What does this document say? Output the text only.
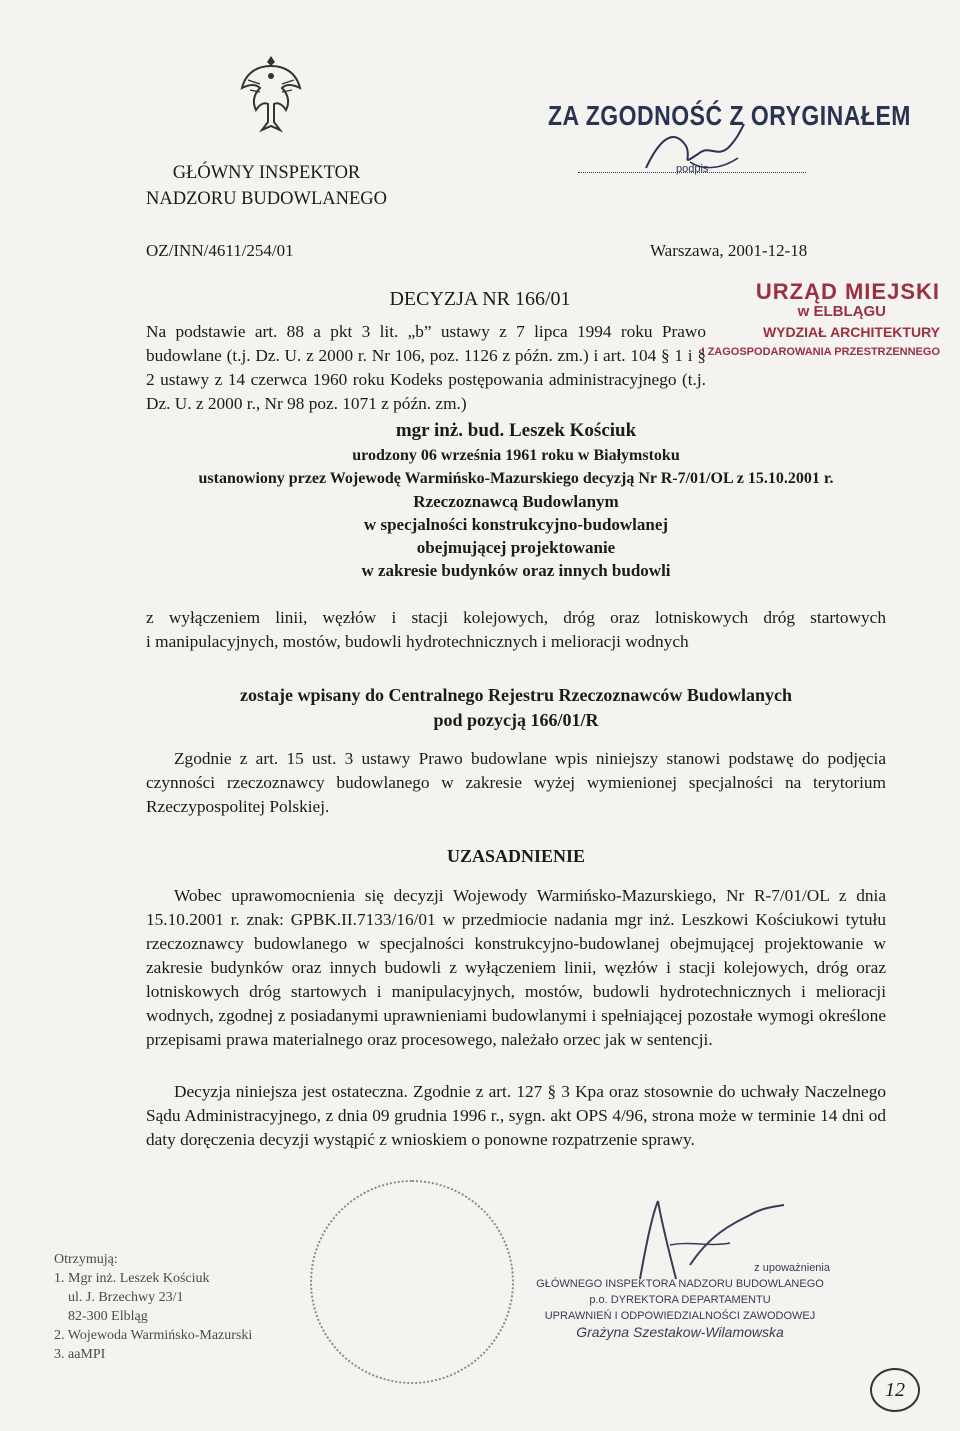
GŁÓWNY INSPEKTOR
NADZORU BUDOWLANEGO
ZA ZGODNOŚĆ Z ORYGINAŁEM
podpis
OZ/INN/4611/254/01	Warszawa, 2001-12-18
DECYZJA NR 166/01	URZĄD MIEJSKI
w ELBLĄGU
WYDZIAŁ ARCHITEKTURY
I ZAGOSPODAROWANIA PRZESTRZENNEGO
Na podstawie art. 88 a pkt 3 lit. „b” ustawy z 7 lipca 1994 roku Prawo budowlane (t.j. Dz. U. z 2000 r. Nr 106, poz. 1126 z późn. zm.) i art. 104 § 1 i § 2 ustawy z 14 czerwca 1960 roku Kodeks postępowania administracyjnego (t.j. Dz. U. z 2000 r., Nr 98 poz. 1071 z późn. zm.)
mgr inż. bud. Leszek Kościuk
urodzony 06 września 1961 roku w Białymstoku
ustanowiony przez Wojewodę Warmińsko-Mazurskiego decyzją Nr R-7/01/OL z 15.10.2001 r.
Rzeczoznawcą Budowlanym
w specjalności konstrukcyjno-budowlanej
obejmującej projektowanie
w zakresie budynków oraz innych budowli
z wyłączeniem linii, węzłów i stacji kolejowych, dróg oraz lotniskowych dróg startowych
i manipulacyjnych, mostów, budowli hydrotechnicznych i melioracji wodnych
zostaje wpisany do Centralnego Rejestru Rzeczoznawców Budowlanych
pod pozycją 166/01/R
Zgodnie z art. 15 ust. 3 ustawy Prawo budowlane wpis niniejszy stanowi podstawę do podjęcia czynności rzeczoznawcy budowlanego w zakresie wyżej wymienionej specjalności na terytorium Rzeczypospolitej Polskiej.
UZASADNIENIE
Wobec uprawomocnienia się decyzji Wojewody Warmińsko-Mazurskiego, Nr R-7/01/OL z dnia 15.10.2001 r. znak: GPBK.II.7133/16/01 w przedmiocie nadania mgr inż. Leszkowi Kościukowi tytułu rzeczoznawcy budowlanego w specjalności konstrukcyjno-budowlanej obejmującej projektowanie w zakresie budynków oraz innych budowli z wyłączeniem linii, węzłów i stacji kolejowych, dróg oraz lotniskowych dróg startowych i manipulacyjnych, mostów, budowli hydrotechnicznych i melioracji wodnych, zgodnej z posiadanymi uprawnieniami budowlanymi i spełniającej pozostałe wymogi określone przepisami prawa materialnego oraz procesowego, należało orzec jak w sentencji.
Decyzja niniejsza jest ostateczna. Zgodnie z art. 127 § 3 Kpa oraz stosownie do uchwały Naczelnego Sądu Administracyjnego, z dnia 09 grudnia 1996 r., sygn. akt OPS 4/96, strona może w terminie 14 dni od daty doręczenia decyzji wystąpić z wnioskiem o ponowne rozpatrzenie sprawy.
z upoważnienia
GŁÓWNEGO INSPEKTORA NADZORU BUDOWLANEGO
p.o. DYREKTORA DEPARTAMENTU
UPRAWNIEŃ I ODPOWIEDZIALNOŚCI ZAWODOWEJ
Grażyna Szestakow-Wilamowska
Otrzymują:
1. Mgr inż. Leszek Kościuk
ul. J. Brzechwy 23/1
82-300 Elbląg
2. Wojewoda Warmińsko-Mazurski
3. aaMPI
12
